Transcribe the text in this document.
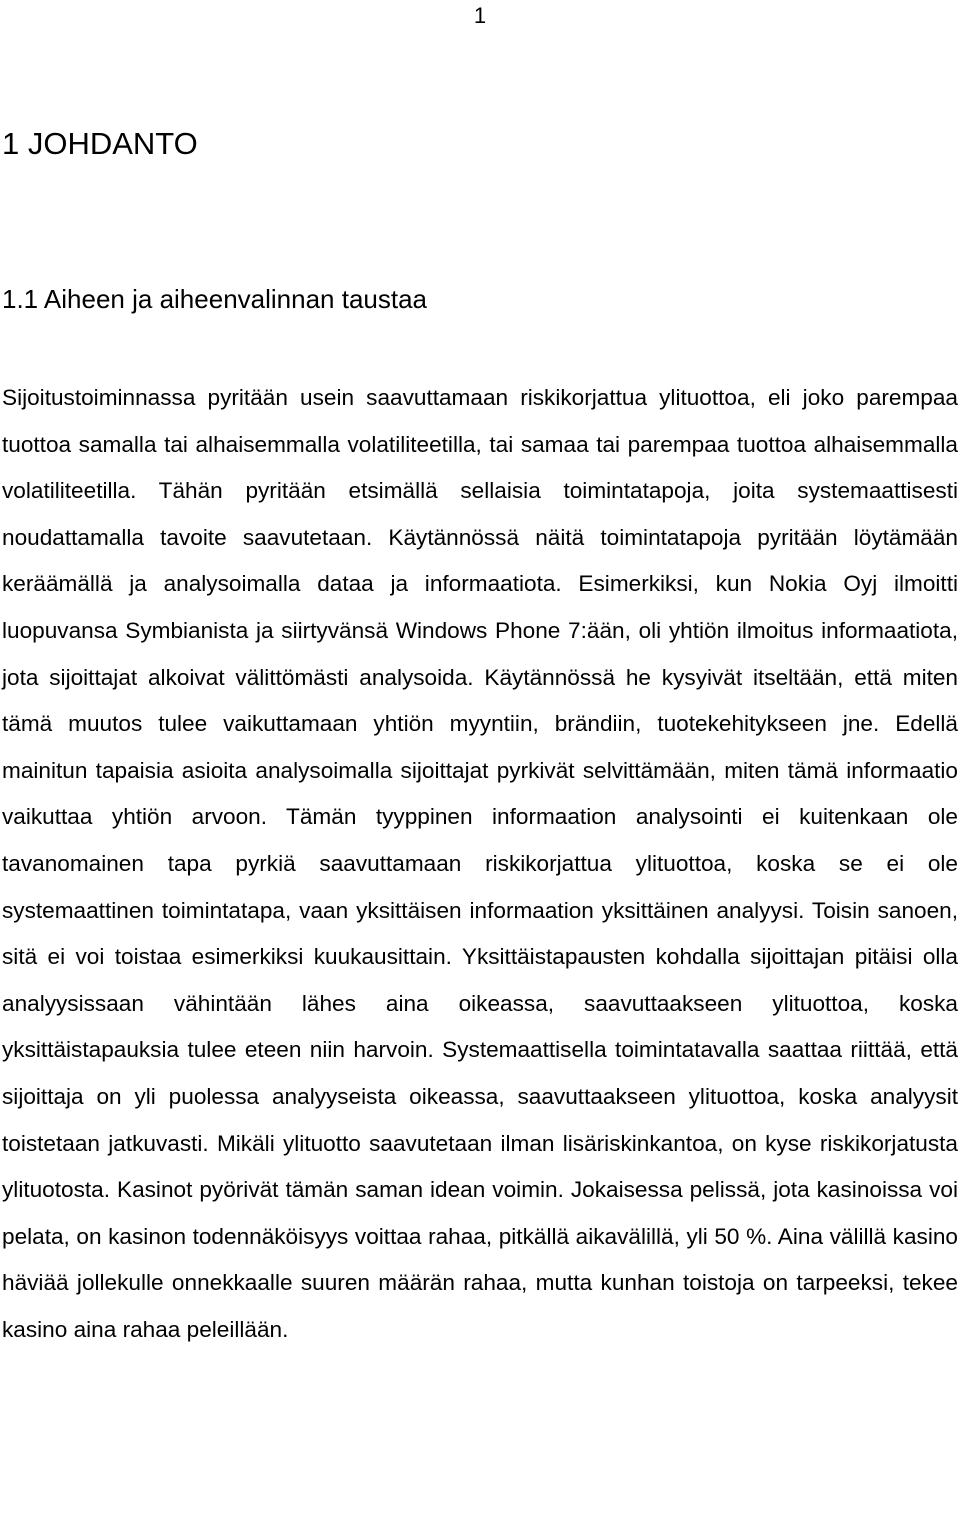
1
1 JOHDANTO
1.1 Aiheen ja aiheenvalinnan taustaa

Sijoitustoiminnassa pyritään usein saavuttamaan riskikorjattua ylituottoa, eli joko parempaa tuottoa samalla tai alhaisemmalla volatiliteetilla, tai samaa tai parempaa tuottoa alhaisemmalla volatiliteetilla. Tähän pyritään etsimällä sellaisia toimintatapoja, joita systemaattisesti noudattamalla tavoite saavutetaan. Käytännössä näitä toimintatapoja pyritään löytämään keräämällä ja analysoimalla dataa ja informaatiota. Esimerkiksi, kun Nokia Oyj ilmoitti luopuvansa Symbianista ja siirtyvänsä Windows Phone 7:ään, oli yhtiön ilmoitus informaatiota, jota sijoittajat alkoivat välittömästi analysoida. Käytännössä he kysyivät itseltään, että miten tämä muutos tulee vaikuttamaan yhtiön myyntiin, brändiin, tuotekehitykseen jne. Edellä mainitun tapaisia asioita analysoimalla sijoittajat pyrkivät selvittämään, miten tämä informaatio vaikuttaa yhtiön arvoon. Tämän tyyppinen informaation analysointi ei kuitenkaan ole tavanomainen tapa pyrkiä saavuttamaan riskikorjattua ylituottoa, koska se ei ole systemaattinen toimintatapa, vaan yksittäisen informaation yksittäinen analyysi. Toisin sanoen, sitä ei voi toistaa esimerkiksi kuukausittain. Yksittäistapausten kohdalla sijoittajan pitäisi olla analyysissaan vähintään lähes aina oikeassa, saavuttaakseen ylituottoa, koska yksittäistapauksia tulee eteen niin harvoin. Systemaattisella toimintatavalla saattaa riittää, että sijoittaja on yli puolessa analyyseista oikeassa, saavuttaakseen ylituottoa, koska analyysit toistetaan jatkuvasti. Mikäli ylituotto saavutetaan ilman lisäriskinkantoa, on kyse riskikorjatusta ylituotosta. Kasinot pyörivät tämän saman idean voimin. Jokaisessa pelissä, jota kasinoissa voi pelata, on kasinon todennäköisyys voittaa rahaa, pitkällä aikavälillä, yli 50 %. Aina välillä kasino häviää jollekulle onnekkaalle suuren määrän rahaa, mutta kunhan toistoja on tarpeeksi, tekee kasino aina rahaa peleillään.
